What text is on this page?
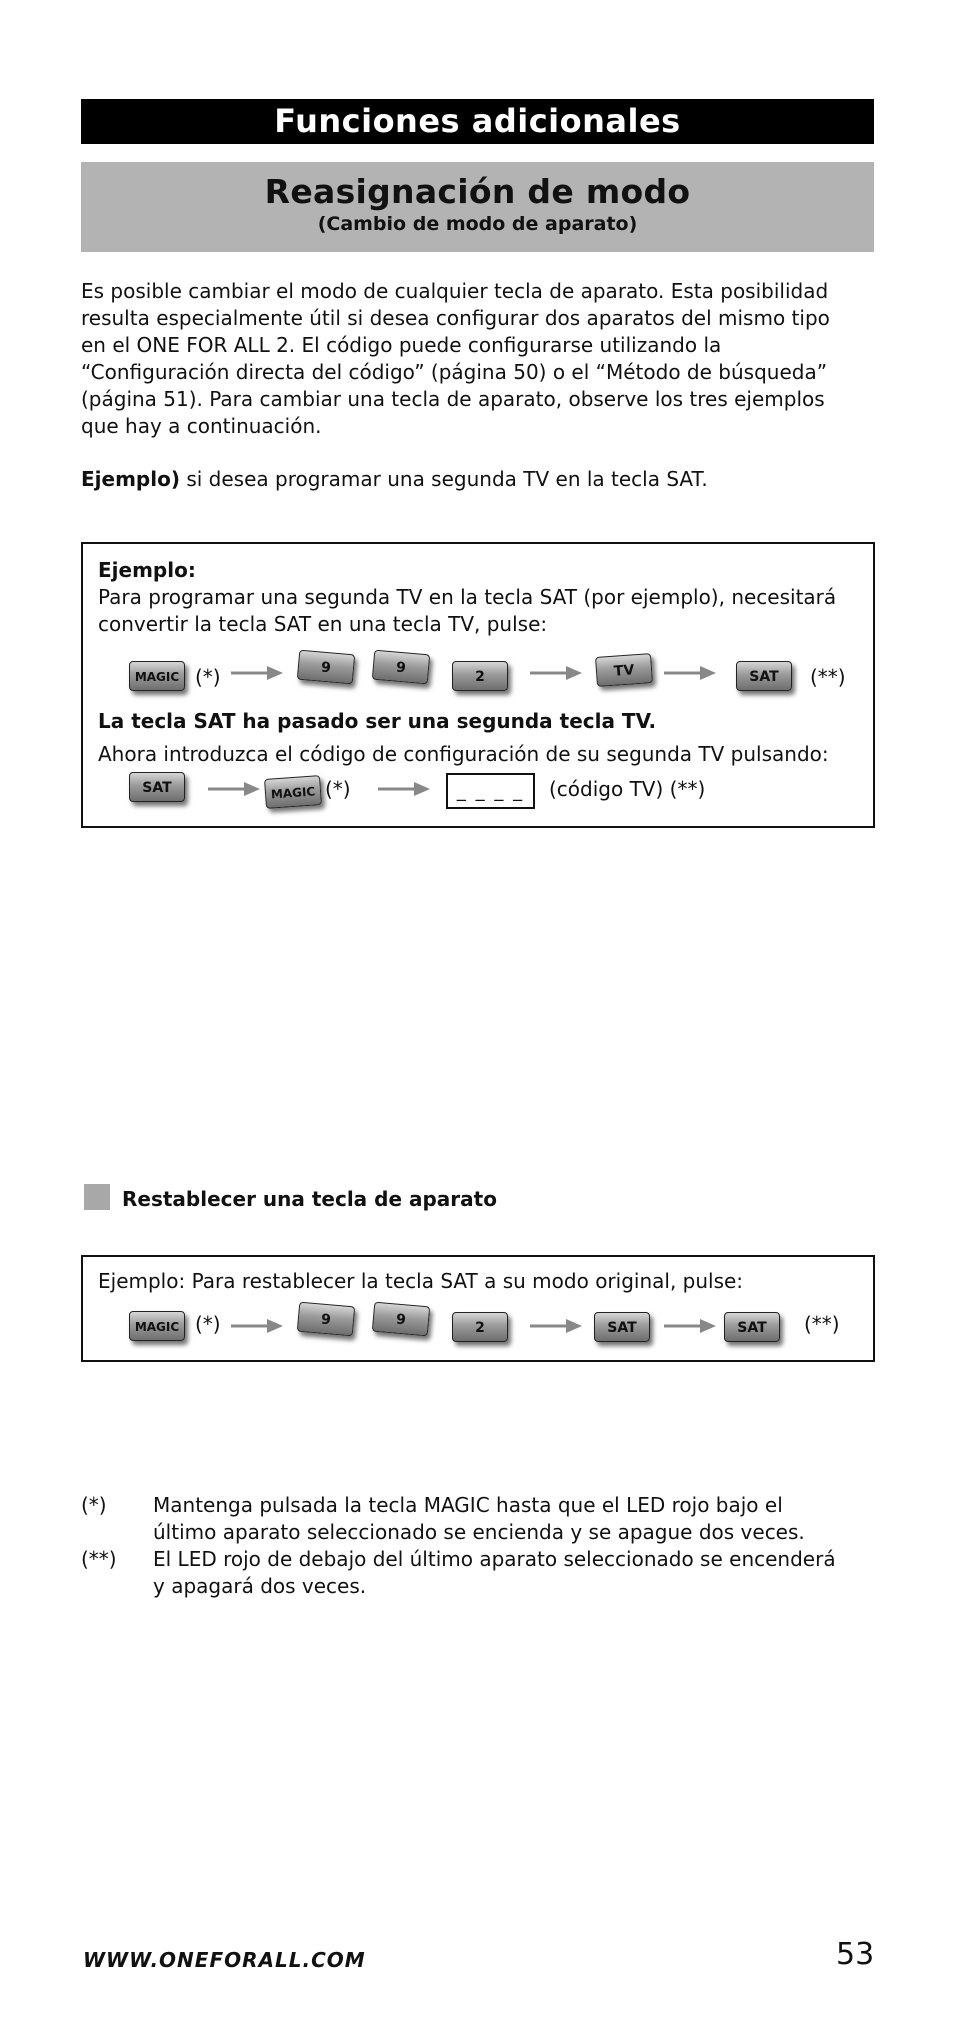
Funciones adicionales
Reasignación de modo
(Cambio de modo de aparato)

Es posible cambiar el modo de cualquier tecla de aparato. Esta posibilidad

resulta especialmente útil si desea configurar dos aparatos del mismo tipo

en el ONE FOR ALL 2. El código puede configurarse utilizando la

“Configuración directa del código” (página 50) o el “Método de búsqueda”

(página 51). Para cambiar una tecla de aparato, observe los tres ejemplos

que hay a continuación.

Ejemplo) si desea programar una segunda TV en la tecla SAT.
Ejemplo:
Para programar una segunda TV en la tecla SAT (por ejemplo), necesitará
convertir la tecla SAT en una tecla TV, pulse:
MAGIC (*)	9	9
2	TV	SAT	(**)
La tecla SAT ha pasado ser una segunda tecla TV.
Ahora introduzca el código de configuración de su segunda TV pulsando:
SAT	MAGIC (*)	_ _ _ _	(código TV) (**)
Restablecer una tecla de aparato
Ejemplo: Para restablecer la tecla SAT a su modo original, pulse:
MAGIC (*)	9	9	2	SAT	SAT	(**)
(*) Mantenga pulsada la tecla MAGIC hasta que el LED rojo bajo el
último aparato seleccionado se encienda y se apague dos veces.
(**) El LED rojo de debajo del último aparato seleccionado se encenderá
y apagará dos veces.
WWW.ONEFORALL.COM	53
